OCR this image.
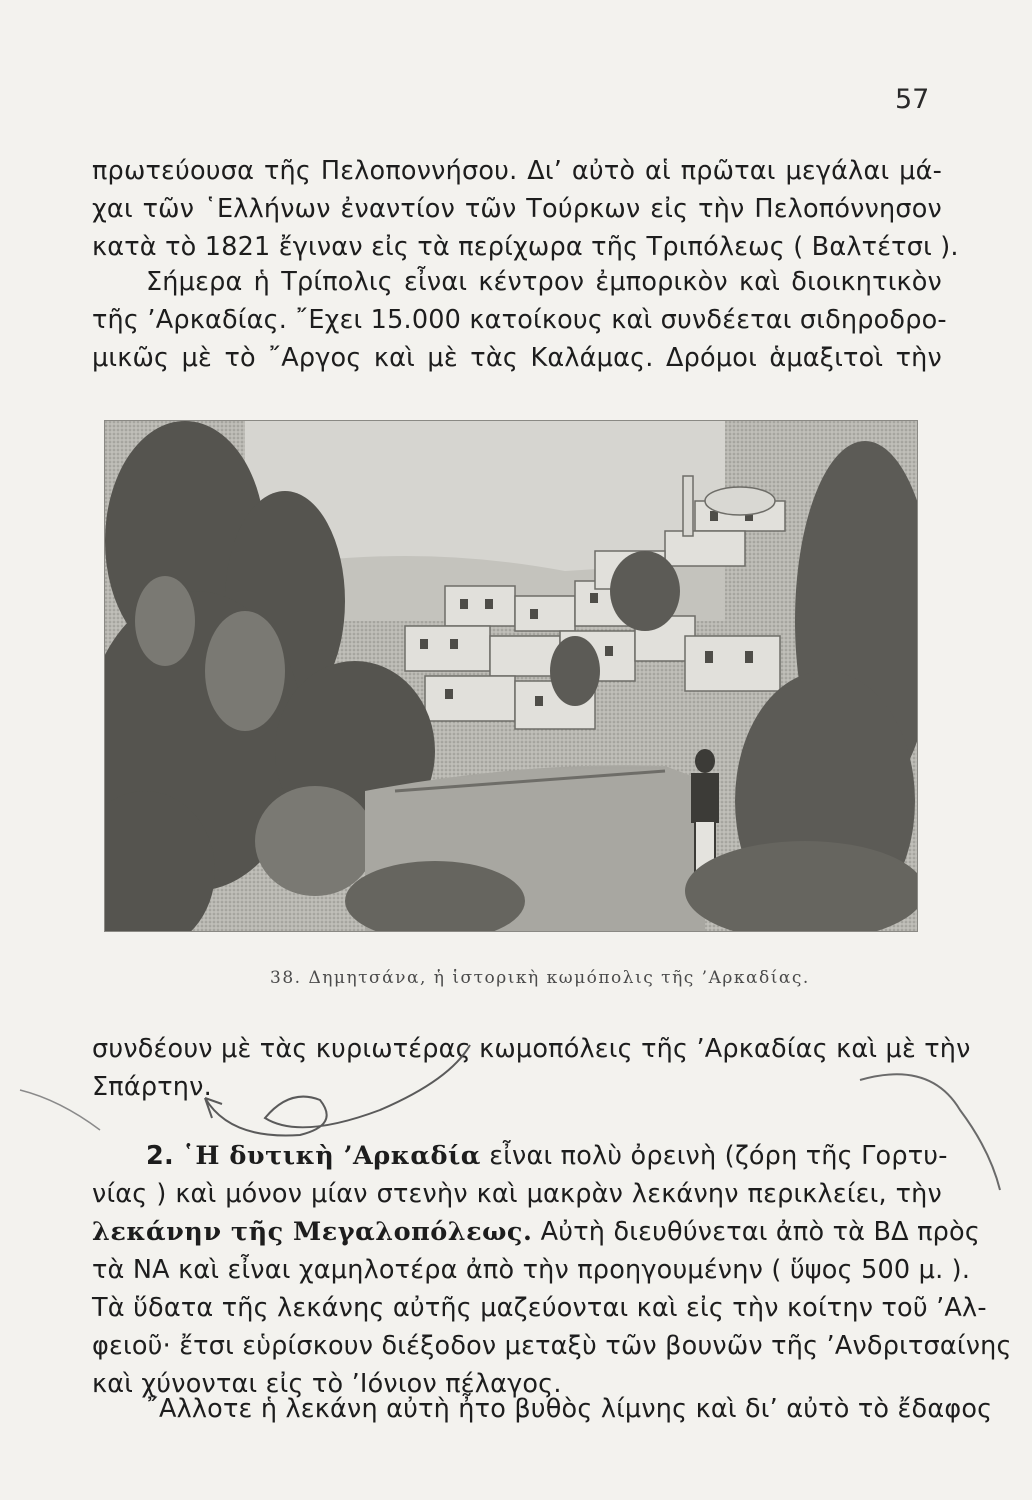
57
πρωτεύουσα τῆς Πελοποννήσου. Δι’ αὐτὸ αἱ πρῶται μεγάλαι μά-
χαι τῶν ῾Ελλήνων ἐναντίον τῶν Τούρκων εἰς τὴν Πελοπόννησον
κατὰ τὸ 1821 ἔγιναν εἰς τὰ περίχωρα τῆς Τριπόλεως ( Βαλτέτσι ).
Σήμερα ἡ Τρίπολις εἶναι κέντρον ἐμπορικὸν καὶ διοικητικὸν
τῆς ’Αρκαδίας. ῎Εχει 15.000 κατοίκους καὶ συνδέεται σιδηροδρο-
μικῶς μὲ τὸ ῎Αργος καὶ μὲ τὰς Καλάμας. Δρόμοι ἁμαξιτοὶ τὴν
38. Δημητσάνα, ἡ ἱστορικὴ κωμόπολις τῆς ’Αρκαδίας.
συνδέουν μὲ τὰς κυριωτέρας κωμοπόλεις τῆς ’Αρκαδίας καὶ μὲ τὴν
Σπάρτην.
2. ῾Η δυτικὴ ’Αρκαδία εἶναι πολὺ ὀρεινὴ (ζόρη τῆς Γορτυ-
νίας ) καὶ μόνον μίαν στενὴν καὶ μακρὰν λεκάνην περικλείει, τὴν
λεκάνην τῆς Μεγαλοπόλεως. Αὐτὴ διευθύνεται ἀπὸ τὰ ΒΔ πρὸς
τὰ ΝΑ καὶ εἶναι χαμηλοτέρα ἀπὸ τὴν προηγουμένην ( ὕψος 500 μ. ).
Τὰ ὕδατα τῆς λεκάνης αὐτῆς μαζεύονται καὶ εἰς τὴν κοίτην τοῦ ’Αλ-
φειοῦ· ἔτσι εὑρίσκουν διέξοδον μεταξὺ τῶν βουνῶν τῆς ’Ανδριτσαίνης
καὶ χύνονται εἰς τὸ ’Ιόνιον πέλαγος.
῎Αλλοτε ἡ λεκάνη αὐτὴ ἦτο βυθὸς λίμνης καὶ δι’ αὐτὸ τὸ ἔδαφος
